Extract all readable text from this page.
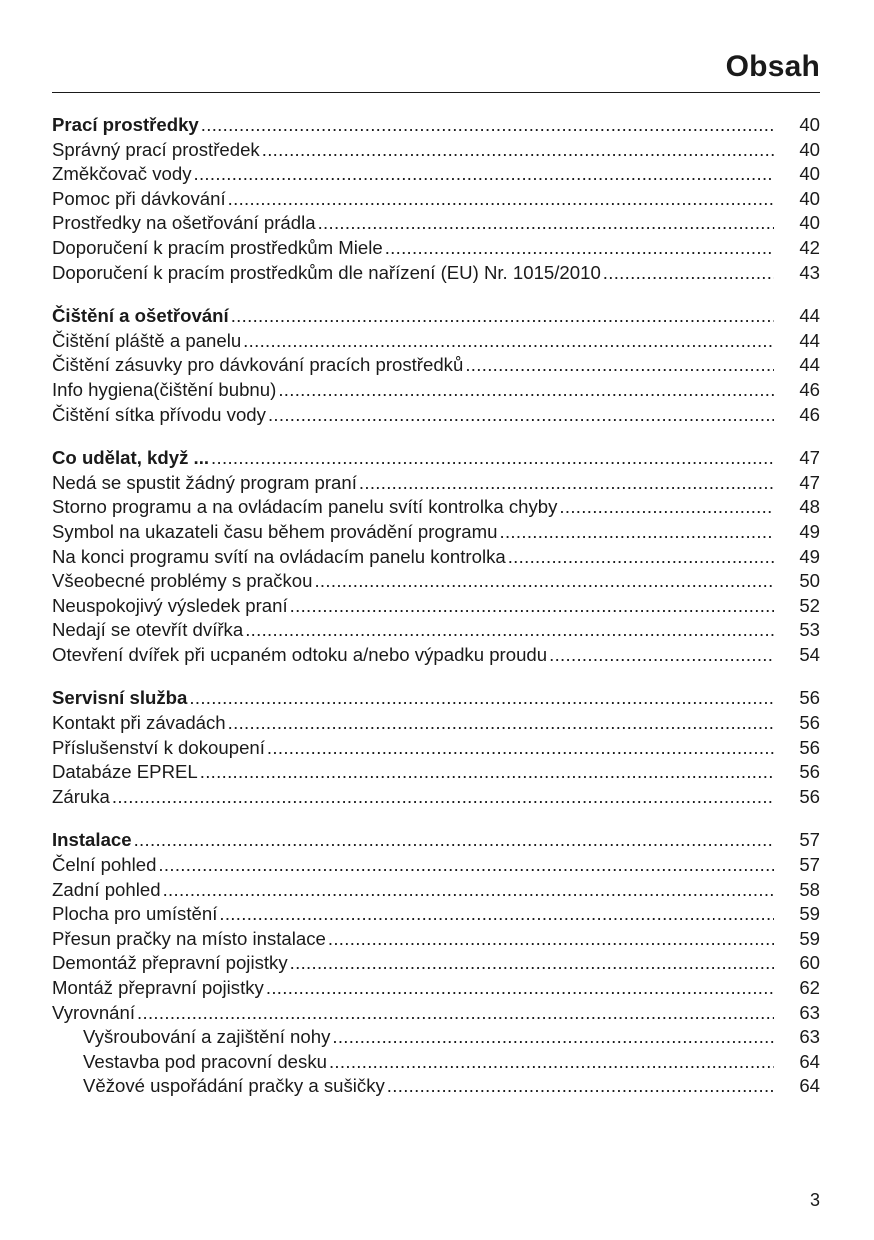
Obsah
Prací prostředky .....	40
Správný prací prostředek .....	40
Změkčovač vody .....	40
Pomoc při dávkování .....	40
Prostředky na ošetřování prádla .....	40
Doporučení k pracím prostředkům Miele .....	42
Doporučení k pracím prostředkům dle nařízení (EU) Nr. 1015/2010 .....	43
Čištění a ošetřování .....	44
Čištění pláště a panelu .....	44
Čištění zásuvky pro dávkování pracích prostředků .....	44
Info hygiena(čištění bubnu) .....	46
Čištění sítka přívodu vody .....	46
Co udělat, když ... .....	47
Nedá se spustit žádný program praní .....	47
Storno programu a na ovládacím panelu svítí kontrolka chyby .....	48
Symbol na ukazateli času během provádění programu .....	49
Na konci programu svítí na ovládacím panelu kontrolka .....	49
Všeobecné problémy s pračkou .....	50
Neuspokojivý výsledek praní .....	52
Nedají se otevřít dvířka .....	53
Otevření dvířek při ucpaném odtoku a/nebo výpadku proudu .....	54
Servisní služba .....	56
Kontakt při závadách .....	56
Příslušenství k dokoupení .....	56
Databáze EPREL .....	56
Záruka .....	56
Instalace .....	57
Čelní pohled .....	57
Zadní pohled .....	58
Plocha pro umístění .....	59
Přesun pračky na místo instalace .....	59
Demontáž přepravní pojistky .....	60
Montáž přepravní pojistky .....	62
Vyrovnání .....	63
Vyšroubování a zajištění nohy .....	63
Vestavba pod pracovní desku .....	64
Věžové uspořádání pračky a sušičky .....	64
3
